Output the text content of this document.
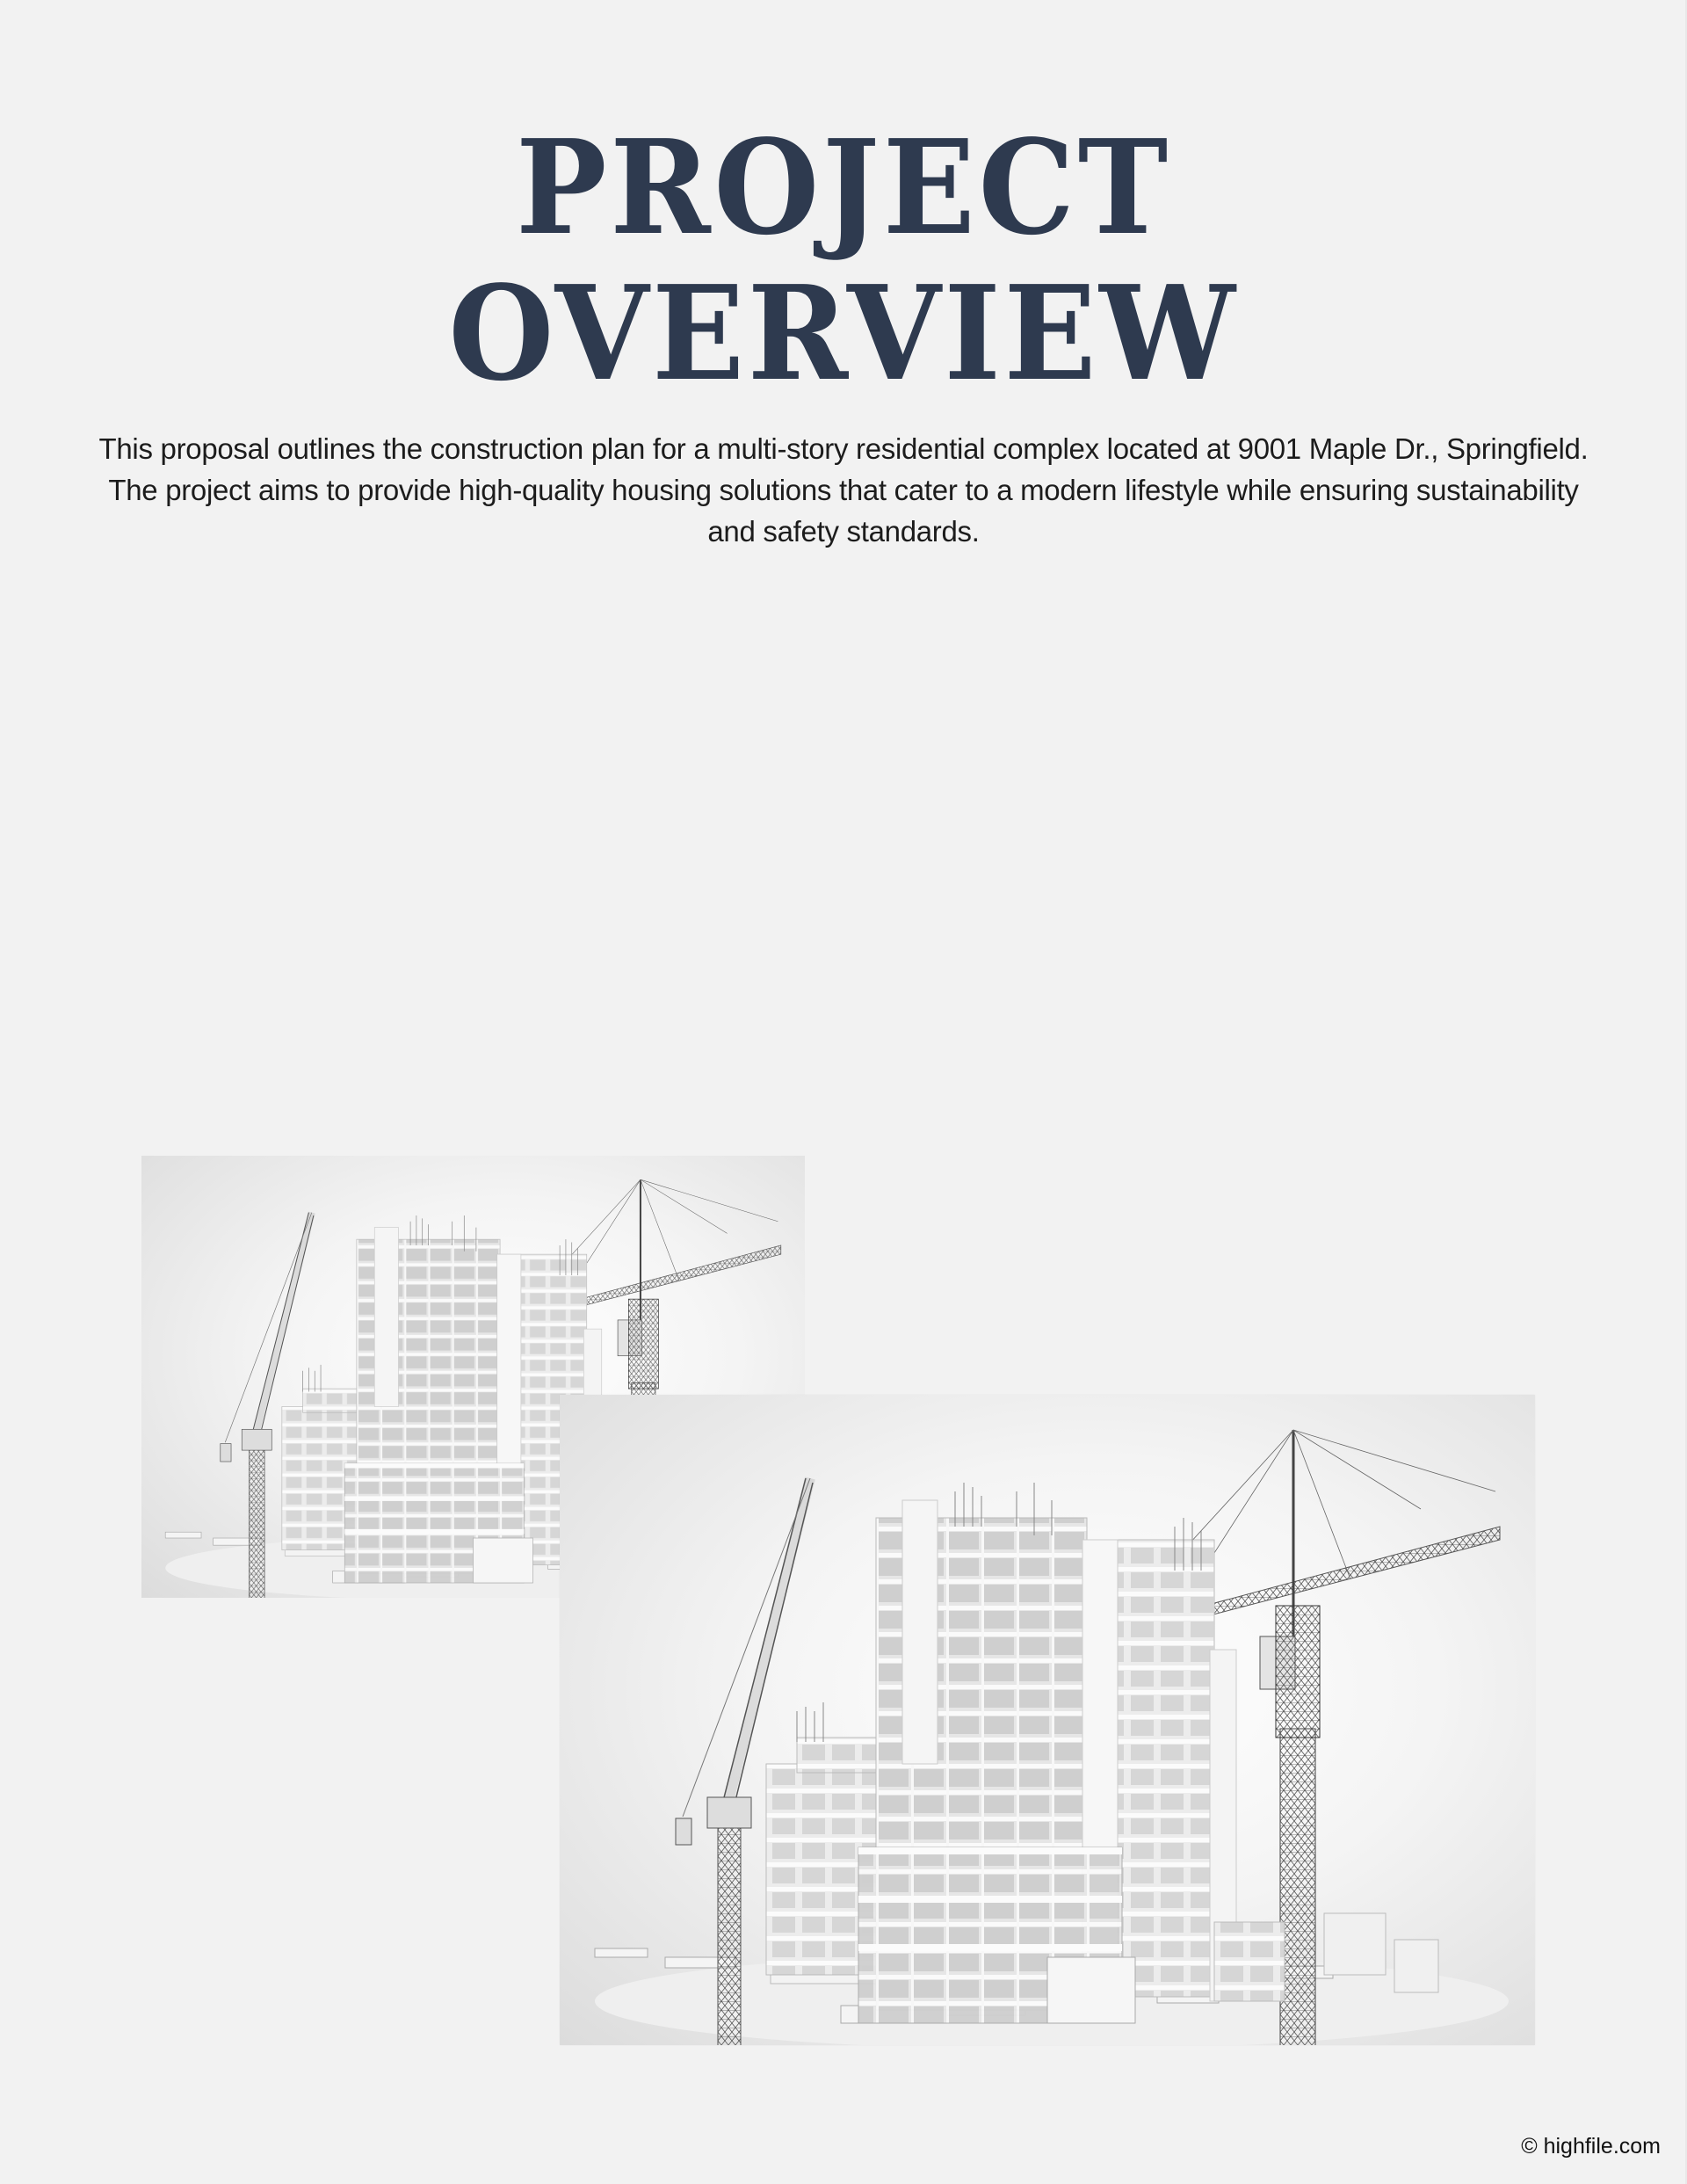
PROJECT
OVERVIEW

This proposal outlines the construction plan for a multi-story residential complex located at 9001 Maple Dr., Springfield. The project aims to provide high-quality housing solutions that cater to a modern lifestyle while ensuring sustainability and safety standards.

© highfile.com
